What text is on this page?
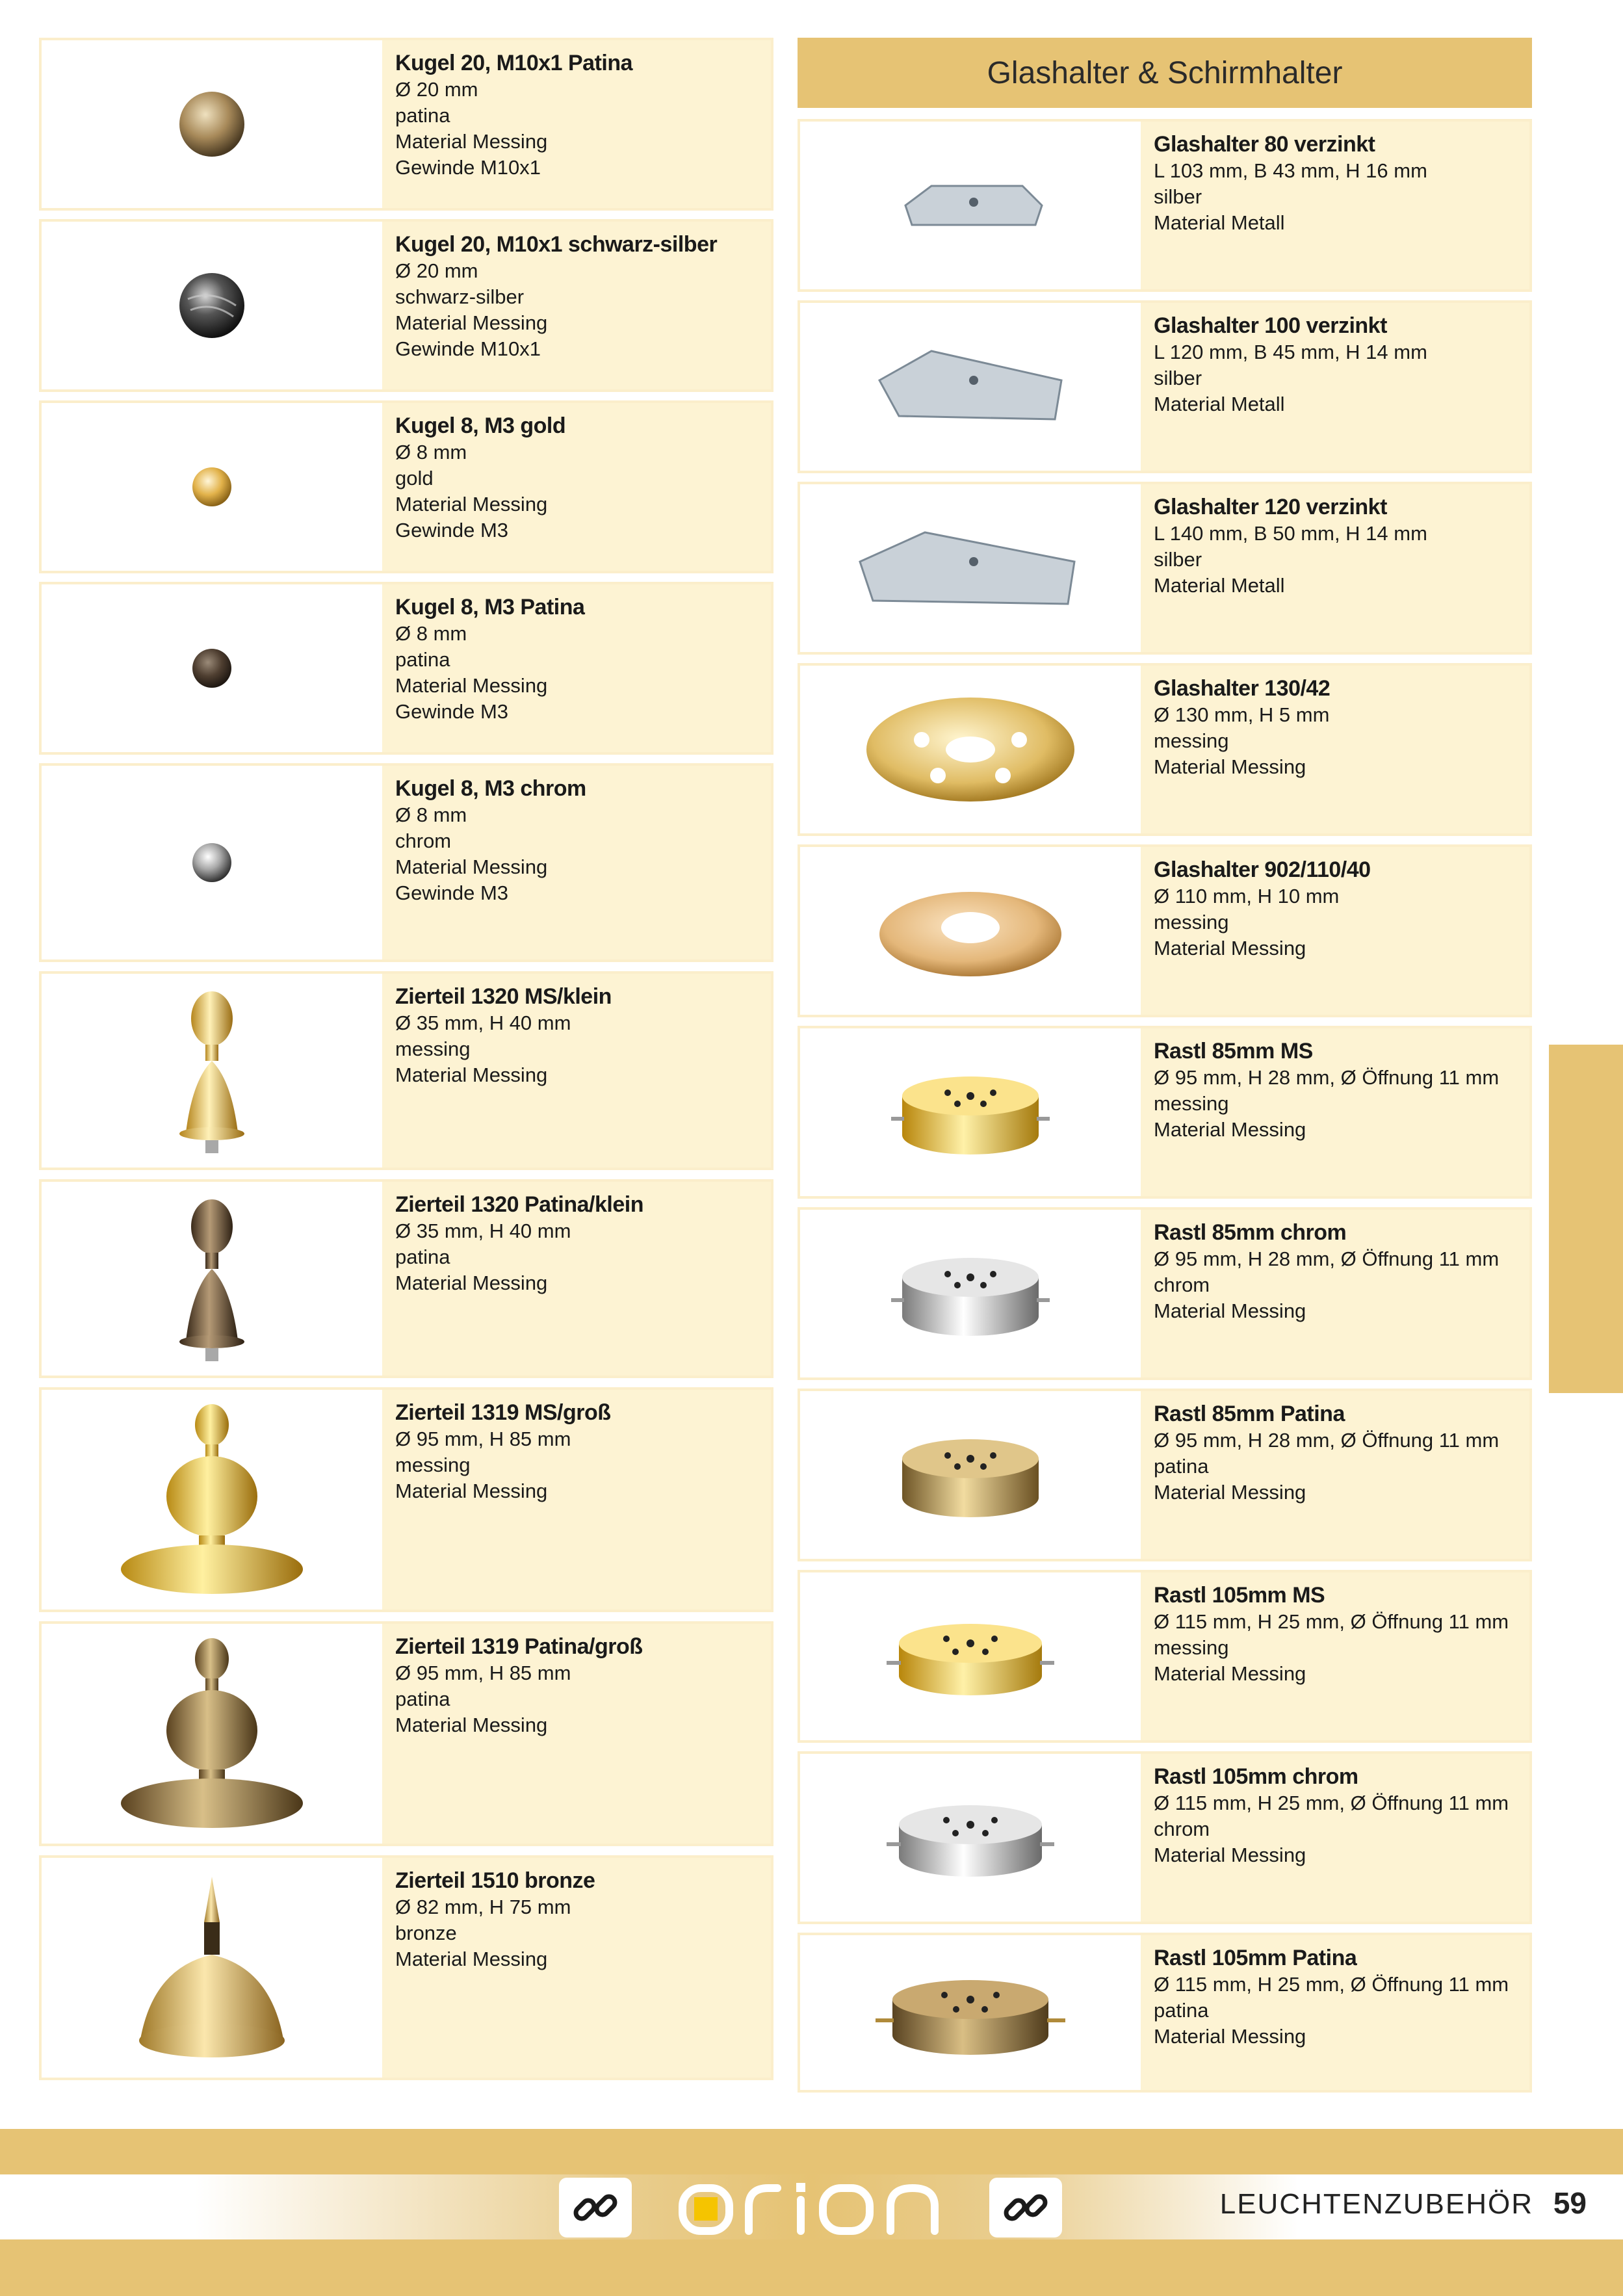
Kugel 20, M10x1 Patina
Ø 20 mm
patina
Material Messing
Gewinde M10x1
Kugel 20, M10x1 schwarz-silber
Ø 20 mm
schwarz-silber
Material Messing
Gewinde M10x1
Kugel 8, M3 gold
Ø 8 mm
gold
Material Messing
Gewinde M3
Kugel 8, M3 Patina
Ø 8 mm
patina
Material Messing
Gewinde M3
Kugel 8, M3 chrom
Ø 8 mm
chrom
Material Messing
Gewinde M3
Zierteil 1320 MS/klein
Ø 35 mm, H 40 mm
messing
Material Messing
Zierteil 1320 Patina/klein
Ø 35 mm, H 40 mm
patina
Material Messing
Zierteil 1319 MS/groß
Ø 95 mm, H 85 mm
messing
Material Messing
Zierteil 1319 Patina/groß
Ø 95 mm, H 85 mm
patina
Material Messing
Zierteil 1510 bronze
Ø 82 mm, H 75 mm
bronze
Material Messing
Glashalter & Schirmhalter
Glashalter 80 verzinkt
L 103 mm, B 43 mm, H 16 mm
silber
Material Metall
Glashalter 100 verzinkt
L 120 mm, B 45 mm, H 14 mm
silber
Material Metall
Glashalter 120 verzinkt
L 140 mm, B 50 mm, H 14 mm
silber
Material Metall
Glashalter 130/42
Ø 130 mm, H 5 mm
messing
Material Messing
Glashalter 902/110/40
Ø 110 mm, H 10 mm
messing
Material Messing
Rastl 85mm MS
Ø 95 mm, H 28 mm, Ø Öffnung 11 mm
messing
Material Messing
Rastl 85mm chrom
Ø 95 mm, H 28 mm, Ø Öffnung 11 mm
chrom
Material Messing
Rastl 85mm Patina
Ø 95 mm, H 28 mm, Ø Öffnung 11 mm
patina
Material Messing
Rastl 105mm MS
Ø 115 mm, H 25 mm, Ø Öffnung 11 mm
messing
Material Messing
Rastl 105mm chrom
Ø 115 mm, H 25 mm, Ø Öffnung 11 mm
chrom
Material Messing
Rastl 105mm Patina
Ø 115 mm, H 25 mm, Ø Öffnung 11 mm
patina
Material Messing
LEUCHTENZUBEHÖR 59
